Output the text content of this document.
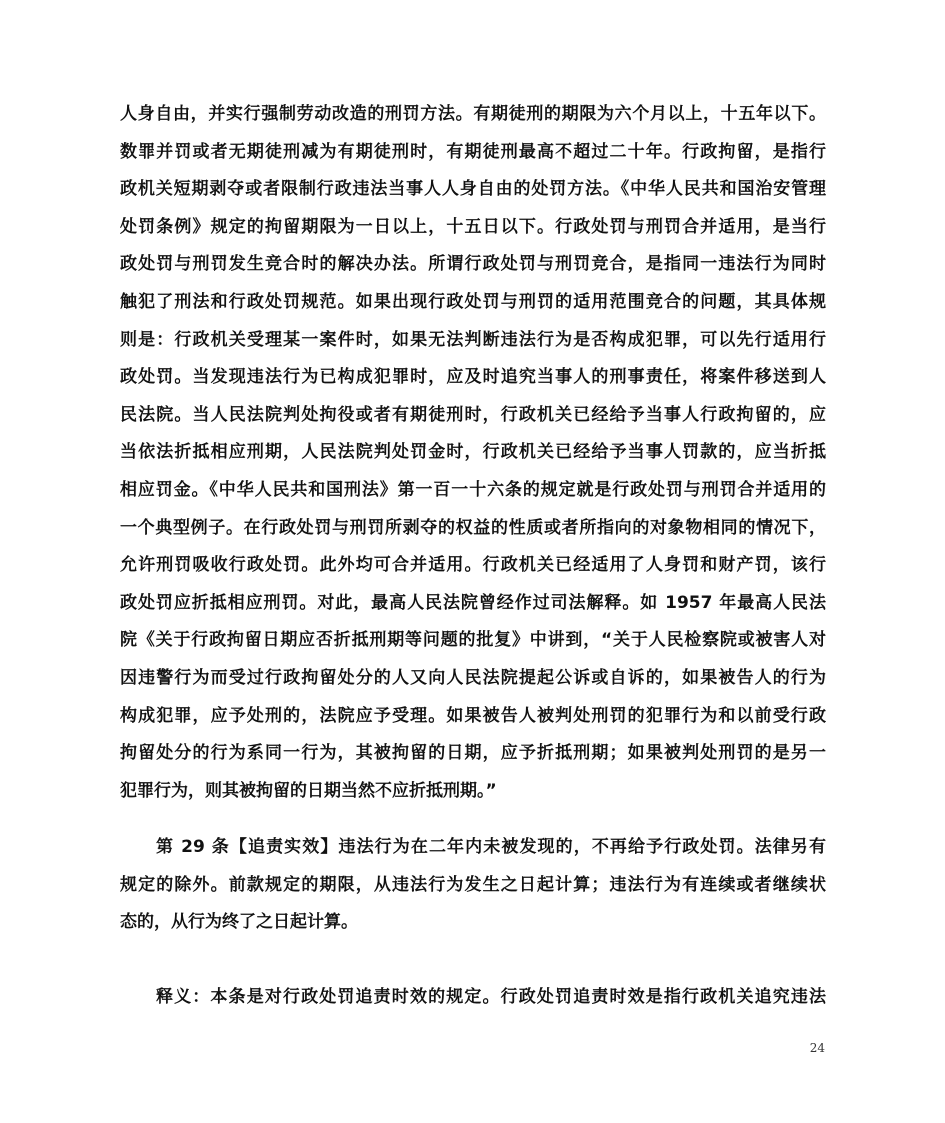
人身自由，并实行强制劳动改造的刑罚方法。有期徒刑的期限为六个月以上，十五年以下。
数罪并罚或者无期徒刑减为有期徒刑时，有期徒刑最高不超过二十年。行政拘留，是指行
政机关短期剥夺或者限制行政违法当事人人身自由的处罚方法。《中华人民共和国治安管理
处罚条例》规定的拘留期限为一日以上，十五日以下。行政处罚与刑罚合并适用，是当行
政处罚与刑罚发生竞合时的解决办法。所谓行政处罚与刑罚竞合，是指同一违法行为同时
触犯了刑法和行政处罚规范。如果出现行政处罚与刑罚的适用范围竞合的问题，其具体规
则是：行政机关受理某一案件时，如果无法判断违法行为是否构成犯罪，可以先行适用行
政处罚。当发现违法行为已构成犯罪时，应及时追究当事人的刑事责任，将案件移送到人
民法院。当人民法院判处拘役或者有期徒刑时，行政机关已经给予当事人行政拘留的，应
当依法折抵相应刑期，人民法院判处罚金时，行政机关已经给予当事人罚款的，应当折抵
相应罚金。《中华人民共和国刑法》第一百一十六条的规定就是行政处罚与刑罚合并适用的
一个典型例子。在行政处罚与刑罚所剥夺的权益的性质或者所指向的对象物相同的情况下，
允许刑罚吸收行政处罚。此外均可合并适用。行政机关已经适用了人身罚和财产罚，该行
政处罚应折抵相应刑罚。对此，最高人民法院曾经作过司法解释。如 1957 年最高人民法
院《关于行政拘留日期应否折抵刑期等问题的批复》中讲到，“关于人民检察院或被害人对
因违警行为而受过行政拘留处分的人又向人民法院提起公诉或自诉的，如果被告人的行为
构成犯罪，应予处刑的，法院应予受理。如果被告人被判处刑罚的犯罪行为和以前受行政
拘留处分的行为系同一行为，其被拘留的日期，应予折抵刑期；如果被判处刑罚的是另一
犯罪行为，则其被拘留的日期当然不应折抵刑期。”
第 29 条【追责实效】违法行为在二年内未被发现的，不再给予行政处罚。法律另有
规定的除外。前款规定的期限，从违法行为发生之日起计算；违法行为有连续或者继续状
态的，从行为终了之日起计算。
释义：本条是对行政处罚追责时效的规定。行政处罚追责时效是指行政机关追究违法
24
